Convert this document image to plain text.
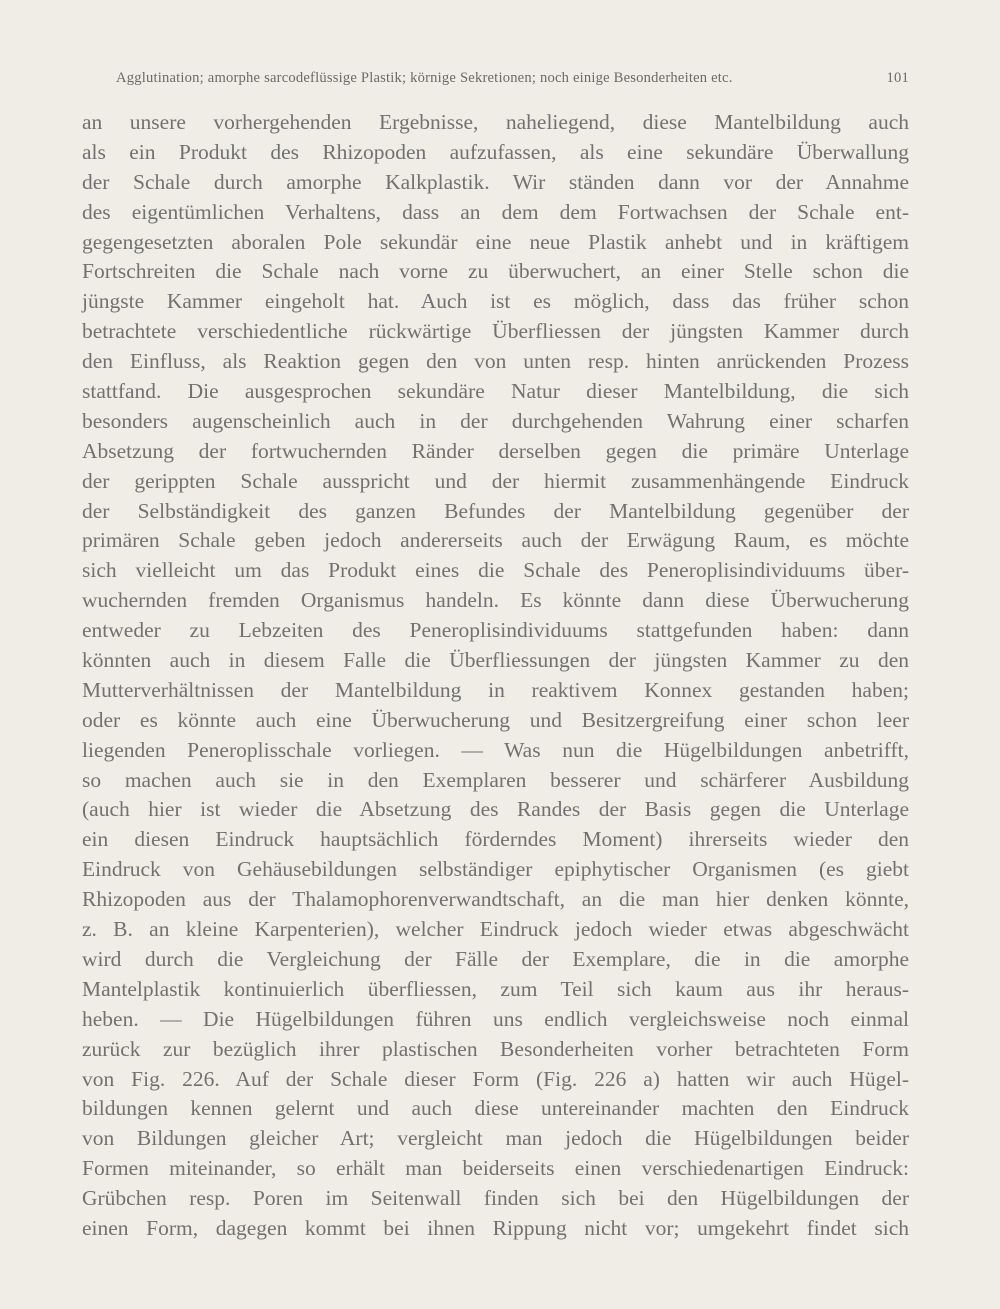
Agglutination; amorphe sarcodeflüssige Plastik; körnige Sekretionen; noch einige Besonderheiten etc.	101
an unsere vorhergehenden Ergebnisse, naheliegend, diese Mantelbildung auch
als ein Produkt des Rhizopoden aufzufassen, als eine sekundäre Überwallung
der Schale durch amorphe Kalkplastik. Wir ständen dann vor der Annahme
des eigentümlichen Verhaltens, dass an dem dem Fortwachsen der Schale ent-
gegengesetzten aboralen Pole sekundär eine neue Plastik anhebt und in kräftigem
Fortschreiten die Schale nach vorne zu überwuchert, an einer Stelle schon die
jüngste Kammer eingeholt hat. Auch ist es möglich, dass das früher schon
betrachtete verschiedentliche rückwärtige Überfliessen der jüngsten Kammer durch
den Einfluss, als Reaktion gegen den von unten resp. hinten anrückenden Prozess
stattfand. Die ausgesprochen sekundäre Natur dieser Mantelbildung, die sich
besonders augenscheinlich auch in der durchgehenden Wahrung einer scharfen
Absetzung der fortwuchernden Ränder derselben gegen die primäre Unterlage
der gerippten Schale ausspricht und der hiermit zusammenhängende Eindruck
der Selbständigkeit des ganzen Befundes der Mantelbildung gegenüber der
primären Schale geben jedoch andererseits auch der Erwägung Raum, es möchte
sich vielleicht um das Produkt eines die Schale des Peneroplisindividuums über-
wuchernden fremden Organismus handeln. Es könnte dann diese Überwucherung
entweder zu Lebzeiten des Peneroplisindividuums stattgefunden haben: dann
könnten auch in diesem Falle die Überfliessungen der jüngsten Kammer zu den
Mutterverhältnissen der Mantelbildung in reaktivem Konnex gestanden haben;
oder es könnte auch eine Überwucherung und Besitzergreifung einer schon leer
liegenden Peneroplisschale vorliegen. — Was nun die Hügelbildungen anbetrifft,
so machen auch sie in den Exemplaren besserer und schärferer Ausbildung
(auch hier ist wieder die Absetzung des Randes der Basis gegen die Unterlage
ein diesen Eindruck hauptsächlich förderndes Moment) ihrerseits wieder den
Eindruck von Gehäusebildungen selbständiger epiphytischer Organismen (es giebt
Rhizopoden aus der Thalamophorenverwandtschaft, an die man hier denken könnte,
z. B. an kleine Karpenterien), welcher Eindruck jedoch wieder etwas abgeschwächt
wird durch die Vergleichung der Fälle der Exemplare, die in die amorphe
Mantelplastik kontinuierlich überfliessen, zum Teil sich kaum aus ihr heraus-
heben. — Die Hügelbildungen führen uns endlich vergleichsweise noch einmal
zurück zur bezüglich ihrer plastischen Besonderheiten vorher betrachteten Form
von Fig. 226. Auf der Schale dieser Form (Fig. 226 a) hatten wir auch Hügel-
bildungen kennen gelernt und auch diese untereinander machten den Eindruck
von Bildungen gleicher Art; vergleicht man jedoch die Hügelbildungen beider
Formen miteinander, so erhält man beiderseits einen verschiedenartigen Eindruck:
Grübchen resp. Poren im Seitenwall finden sich bei den Hügelbildungen der
einen Form, dagegen kommt bei ihnen Rippung nicht vor; umgekehrt findet sich
